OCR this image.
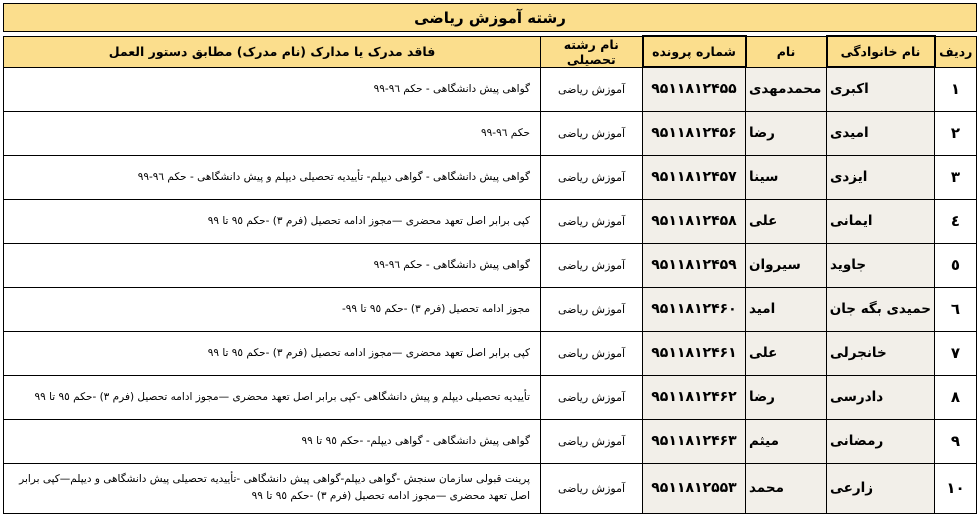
رشته آموزش ریاضی
ردیف	نام خانوادگی	نام	شماره پرونده	نام رشته تحصیلی	فاقد مدرک یا مدارک (نام مدرک) مطابق دستور العمل
١	اکبری	محمدمهدی	۹۵۱۱۸۱۲۴۵۵	آموزش ریاضی	گواهی پیش دانشگاهی - حکم ٩٦-٩٩
٢	امیدی	رضا	۹۵۱۱۸۱۲۴۵۶	آموزش ریاضی	حکم ٩٦-٩٩
٣	ایزدی	سینا	۹۵۱۱۸۱۲۴۵۷	آموزش ریاضی	گواهی پیش دانشگاهی - گواهی دیپلم- تأییدیه تحصیلی دیپلم و پیش دانشگاهی - حکم ٩٦-٩٩
٤	ایمانی	علی	۹۵۱۱۸۱۲۴۵۸	آموزش ریاضی	کپی برابر اصل تعهد محضری —مجوز ادامه تحصیل (فرم ٣) -حکم ٩٥ تا ٩٩
٥	جاوید	سیروان	۹۵۱۱۸۱۲۴۵۹	آموزش ریاضی	گواهی پیش دانشگاهی - حکم ٩٦-٩٩
٦	حمیدی بگه جان	امید	۹۵۱۱۸۱۲۴۶۰	آموزش ریاضی	مجوز ادامه تحصیل (فرم ٣) -حکم ٩٥ تا ٩٩-
٧	خانجرلی	علی	۹۵۱۱۸۱۲۴۶۱	آموزش ریاضی	کپی برابر اصل تعهد محضری —مجوز ادامه تحصیل (فرم ٣) -حکم ٩٥ تا ٩٩
٨	دادرسی	رضا	۹۵۱۱۸۱۲۴۶۲	آموزش ریاضی	تأییدیه تحصیلی دیپلم و پیش دانشگاهی -کپی برابر اصل تعهد محضری —مجوز ادامه تحصیل (فرم ٣) -حکم ٩٥ تا ٩٩
٩	رمضانی	میثم	۹۵۱۱۸۱۲۴۶۳	آموزش ریاضی	گواهی پیش دانشگاهی - گواهی دیپلم- -حکم ٩٥ تا ٩٩
١٠	زارعی	محمد	۹۵۱۱۸۱۲۵۵۳	آموزش ریاضی	پرینت قبولی سازمان سنجش -گواهی دیپلم-گواهی پیش دانشگاهی -تأییدیه تحصیلی پیش دانشگاهی و دیپلم—کپی برابر اصل تعهد محضری —مجوز ادامه تحصیل (فرم ٣) -حکم ٩٥ تا ٩٩
